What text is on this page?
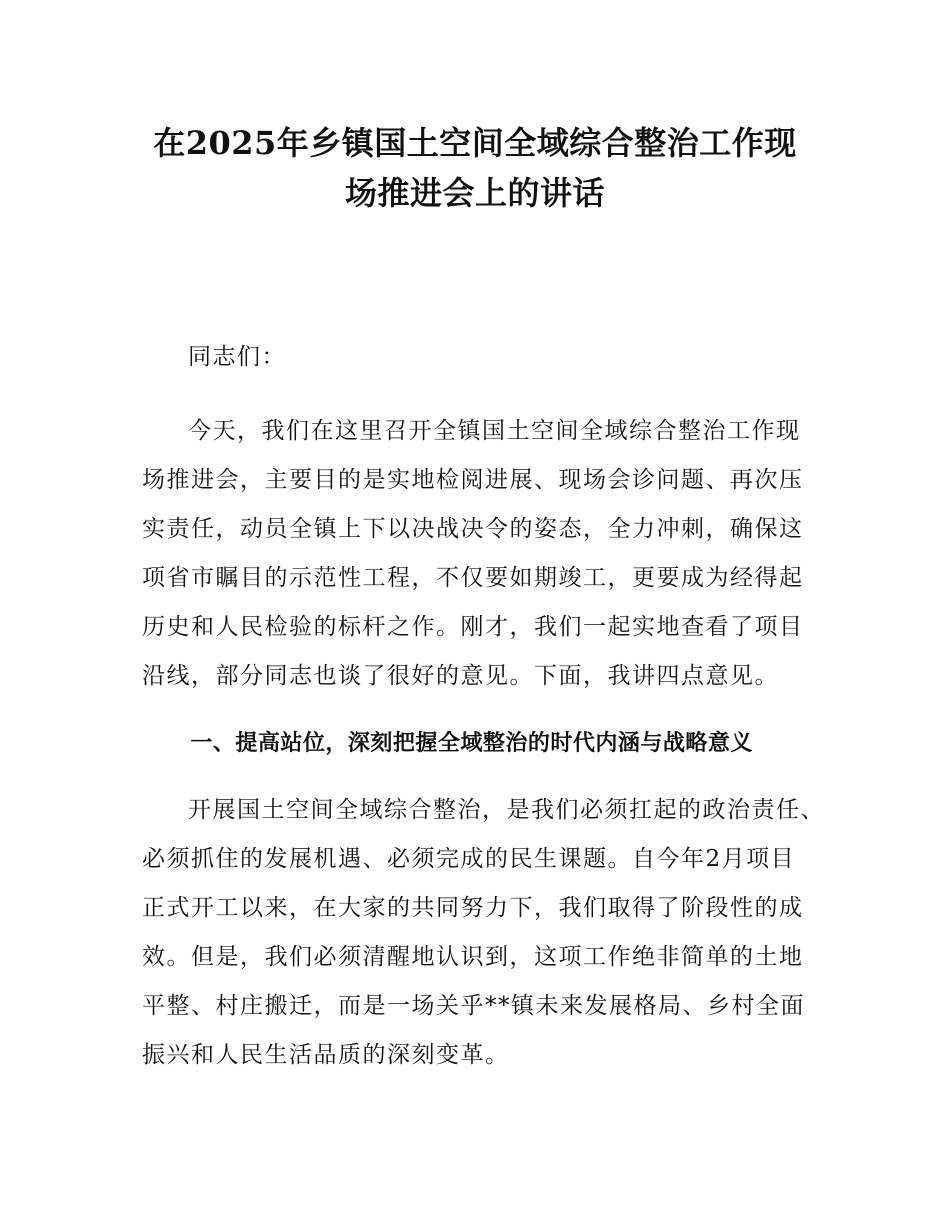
在2025年乡镇国土空间全域综合整治工作现
场推进会上的讲话

同志们：

今天，我们在这里召开全镇国土空间全域综合整治工作现
场推进会，主要目的是实地检阅进展、现场会诊问题、再次压
实责任，动员全镇上下以决战决令的姿态，全力冲刺，确保这
项省市瞩目的示范性工程，不仅要如期竣工，更要成为经得起
历史和人民检验的标杆之作。刚才，我们一起实地查看了项目
沿线，部分同志也谈了很好的意见。下面，我讲四点意见。

一、提高站位，深刻把握全域整治的时代内涵与战略意义

开展国土空间全域综合整治，是我们必须扛起的政治责任、
必须抓住的发展机遇、必须完成的民生课题。自今年2月项目
正式开工以来，在大家的共同努力下，我们取得了阶段性的成
效。但是，我们必须清醒地认识到，这项工作绝非简单的土地
平整、村庄搬迁，而是一场关乎**镇未来发展格局、乡村全面
振兴和人民生活品质的深刻变革。
